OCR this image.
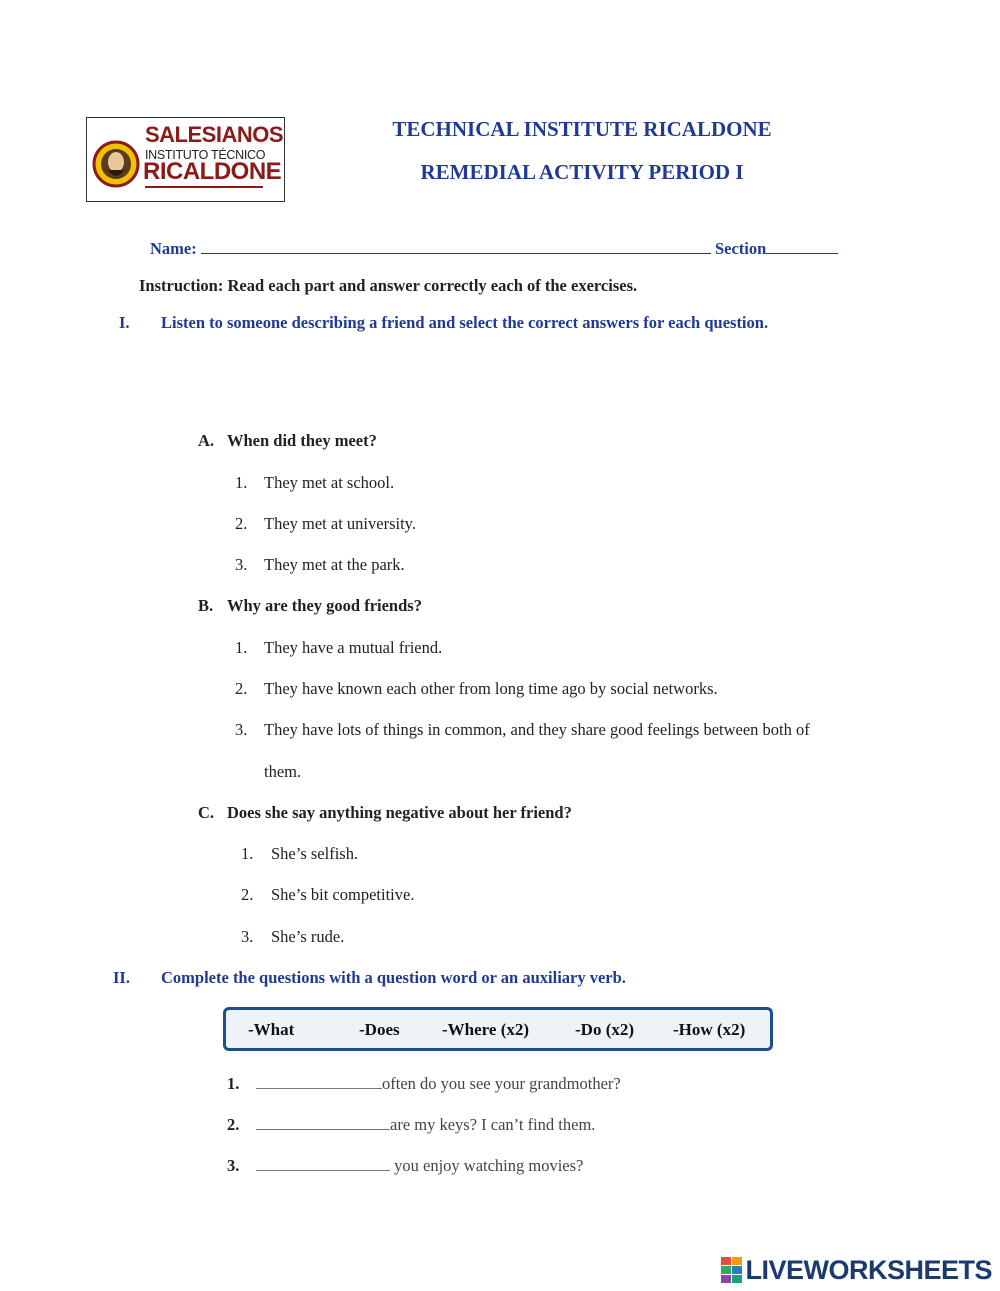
SALESIANOS
INSTITUTO TÉCNICO
RICALDONE
TECHNICAL INSTITUTE RICALDONE
REMEDIAL ACTIVITY PERIOD I
Name:	Section
Instruction: Read each part and answer correctly each of the exercises.
I. Listen to someone describing a friend and select the correct answers for each question.
A. When did they meet?
1. They met at school.
2. They met at university.
3. They met at the park.
B. Why are they good friends?
1. They have a mutual friend.
2. They have known each other from long time ago by social networks.
3. They have lots of things in common, and they share good feelings between both of
them.
C. Does she say anything negative about her friend?
1. She’s selfish.
2. She’s bit competitive.
3. She’s rude.
II. Complete the questions with a question word or an auxiliary verb.
-What	-Does -Where (x2)	-Do (x2) -How (x2)
1.	often do you see your grandmother?
2.	are my keys? I can’t find them.
3.	you enjoy watching movies?
LIVEWORKSHEETS
